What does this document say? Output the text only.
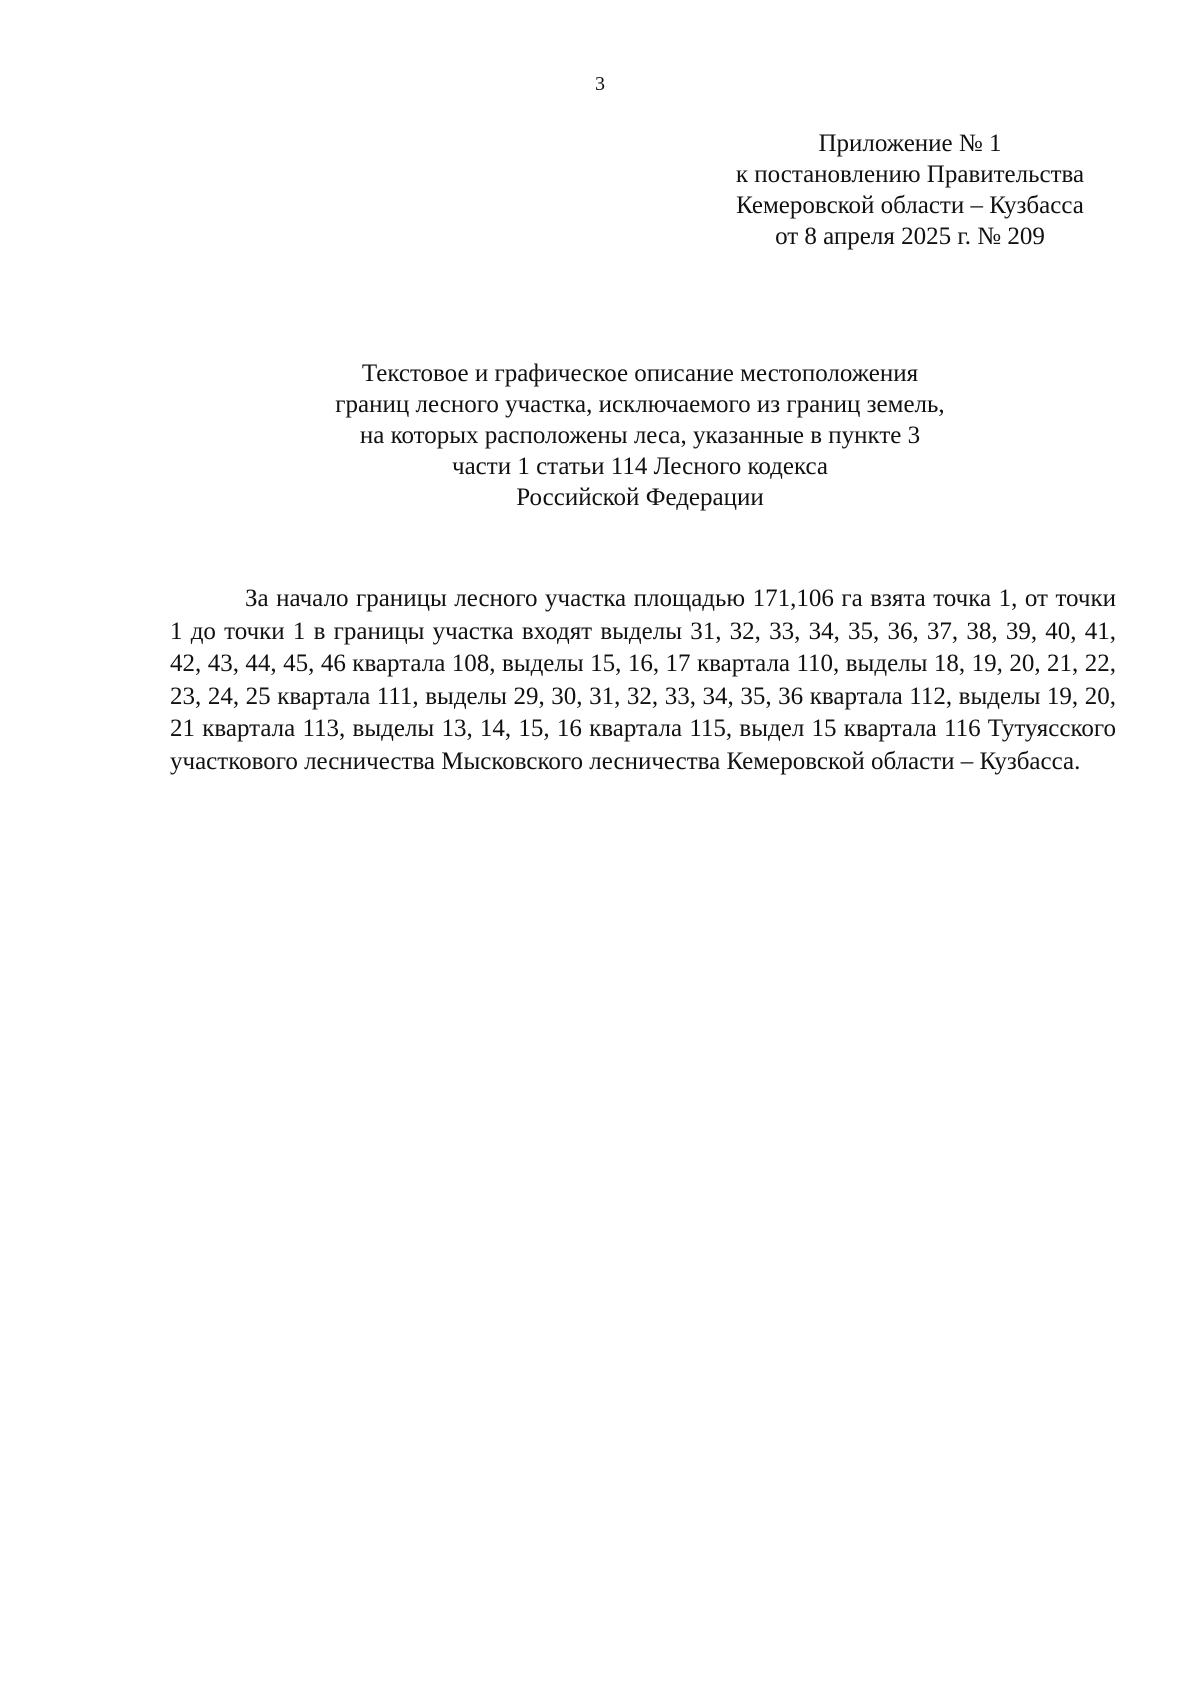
3
Приложение № 1
к постановлению Правительства
Кемеровской области – Кузбасса
от 8 апреля 2025 г. № 209
Текстовое и графическое описание местоположения
границ лесного участка, исключаемого из границ земель,
на которых расположены леса, указанные в пункте 3
части 1 статьи 114 Лесного кодекса
Российской Федерации

За начало границы лесного участка площадью 171,106 га взята точка 1, от точки 1 до точки 1 в границы участка входят выделы 31, 32, 33, 34, 35, 36, 37, 38, 39, 40, 41, 42, 43, 44, 45, 46 квартала 108, выделы 15, 16, 17 квартала 110, выделы 18, 19, 20, 21, 22, 23, 24, 25 квартала 111, выделы 29, 30, 31, 32, 33, 34, 35, 36 квартала 112, выделы 19, 20, 21 квартала 113, выделы 13, 14, 15, 16 квартала 115, выдел 15 квартала 116 Тутуясского участкового лесничества Мысковского лесничества Кемеровской области – Кузбасса.
